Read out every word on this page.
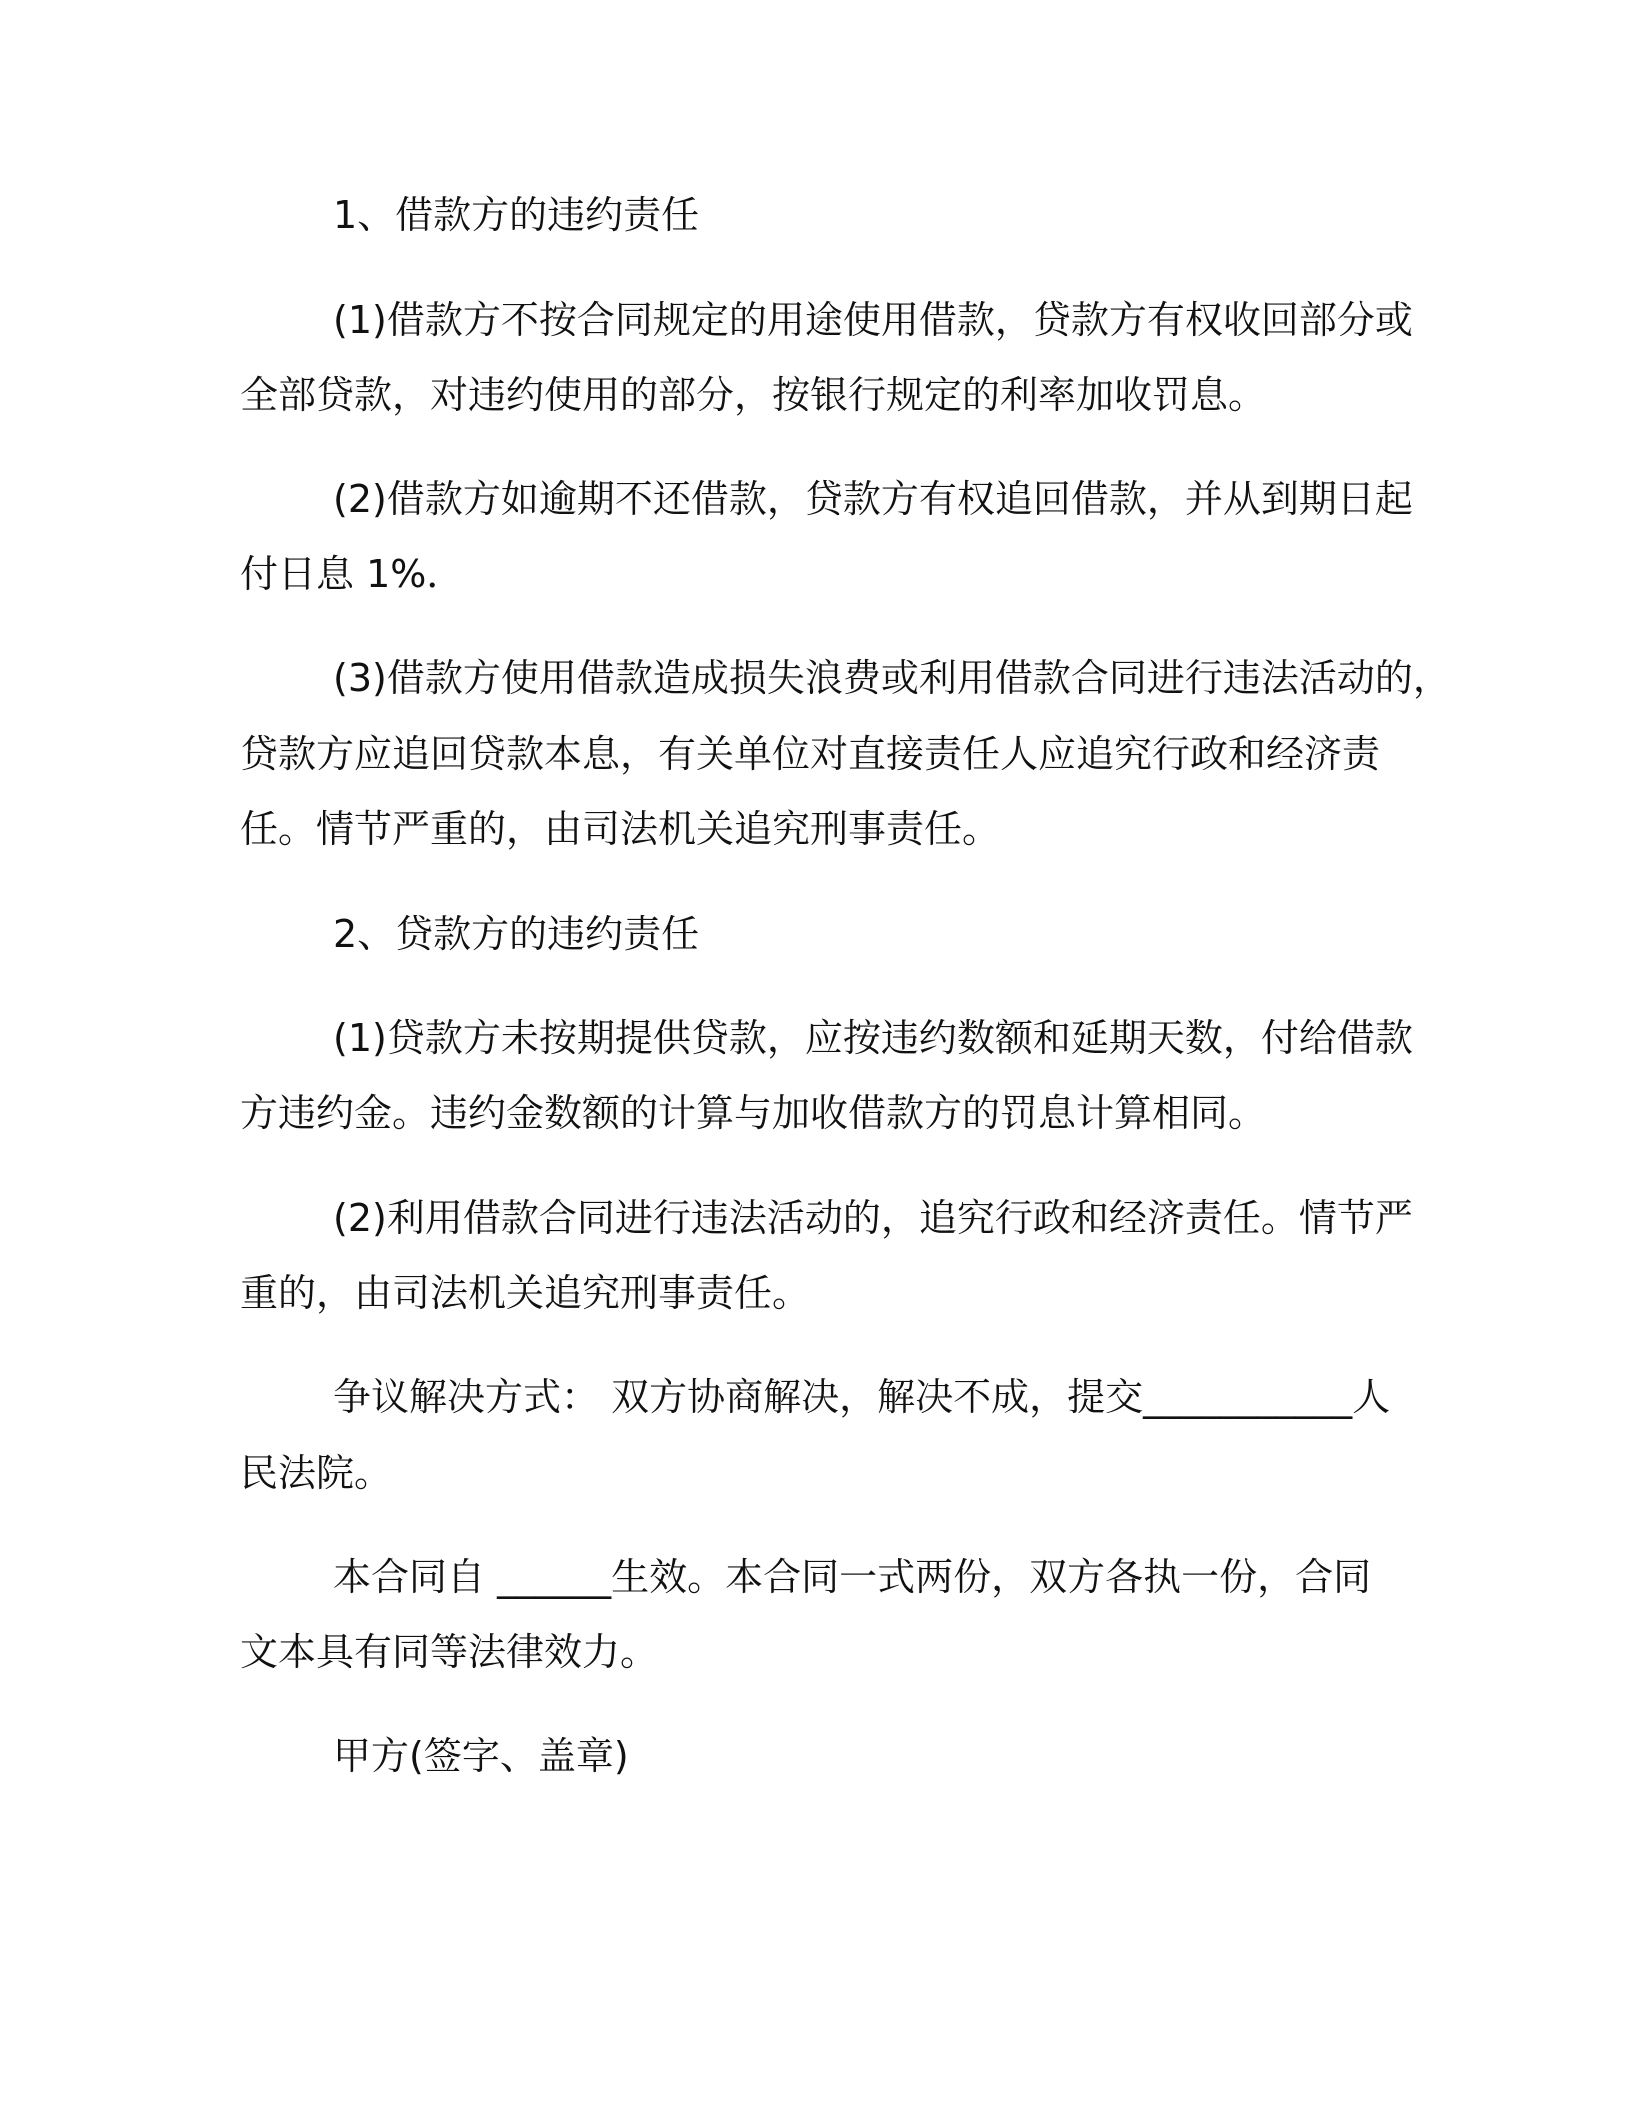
1、借款方的违约责任
(1)借款方不按合同规定的用途使用借款，贷款方有权收回部分或
全部贷款，对违约使用的部分，按银行规定的利率加收罚息。
(2)借款方如逾期不还借款，贷款方有权追回借款，并从到期日起
付日息 1%．
(3)借款方使用借款造成损失浪费或利用借款合同进行违法活动的，
贷款方应追回贷款本息，有关单位对直接责任人应追究行政和经济责
任。情节严重的，由司法机关追究刑事责任。
2、贷款方的违约责任
(1)贷款方未按期提供贷款，应按违约数额和延期天数，付给借款
方违约金。违约金数额的计算与加收借款方的罚息计算相同。
(2)利用借款合同进行违法活动的，追究行政和经济责任。情节严
重的，由司法机关追究刑事责任。
争议解决方式： 双方协商解决，解决不成，提交___________人
民法院。
本合同自 ______生效。本合同一式两份，双方各执一份，合同
文本具有同等法律效力。
甲方(签字、盖章)
